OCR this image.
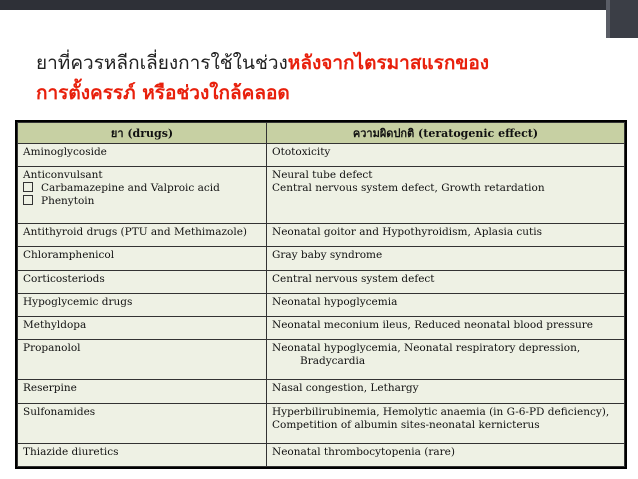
ยาที่ควรหลีกเลี่ยงการใช้ในช่วงหลังจากไตรมาสแรกของ
การตั้งครรภ์ หรือช่วงใกล้คลอด
ยา (drugs)	ความผิดปกติ (teratogenic effect)
Aminoglycoside	Ototoxicity

Anticonvulsant
Carbamazepine and Valproic acid
Phenytoin	Neural tube defect
Central nervous system defect, Growth retardation

Antithyroid drugs (PTU and Methimazole)	Neonatal goitor and Hypothyroidism, Aplasia cutis
Chloramphenicol	Gray baby syndrome
Corticosteriods	Central nervous system defect
Hypoglycemic drugs	Neonatal hypoglycemia
Methyldopa	Neonatal meconium ileus, Reduced neonatal blood pressure
Propanolol	Neonatal hypoglycemia, Neonatal respiratory depression,
Bradycardia

Reserpine	Nasal congestion, Lethargy
Sulfonamides	Hyperbilirubinemia, Hemolytic anaemia (in G-6-PD deficiency),
Competition of albumin sites-neonatal kernicterus

Thiazide diuretics	Neonatal thrombocytopenia (rare)
